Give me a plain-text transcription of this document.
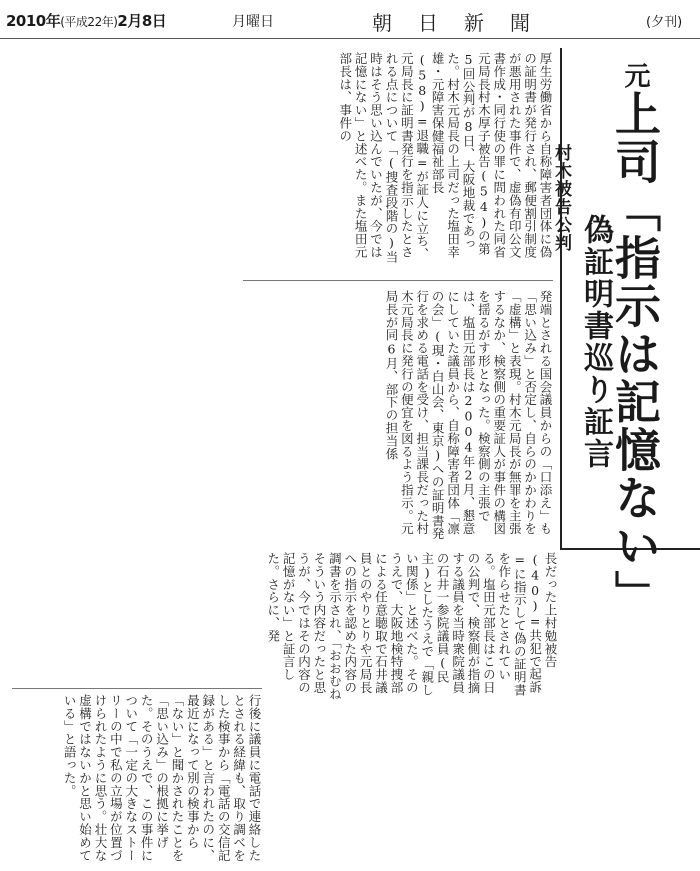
2010年(平成22年)2月8日	月曜日	朝日新聞	(夕刊)
元上司「指示は記憶ない」
村木被告公判
偽証明書巡り証言
厚生労働省から自称障害者団体に偽の証明書が発行され、郵便割引制度が悪用された事件で、虚偽有印公文書作成・同行使の罪に問われた同省元局長村木厚子被告(54)の第5回公判が8日、大阪地裁であった。村木元局長の上司だった塩田幸雄・元障害保健福祉部長(58)=退職=が証人に立ち、元局長に証明書発行を指示したとされる点について「(捜査段階の)当時はそう思い込んでいたが、今では記憶にない」と述べた。また塩田元部長は、事件の
発端とされる国会議員からの「口添え」も「思い込み」と否定し、自らのかかわりを「虚構」と表現。村木元局長が無罪を主張するなか、検察側の重要証人が事件の構図を揺るがす形となった。検察側の主張では、塩田元部長は2004年2月、懇意にしていた議員から、自称障害者団体「凛の会」(現・白山会、東京)への証明書発行を求める電話を受け、担当課長だった村木元局長に発行の便宜を図るよう指示。元局長が同6月、部下の担当係
長だった上村勉被告(40)=共犯で起訴=に指示して偽の証明書を作らせたとされている。塩田元部長はこの日の公判で、検察側が指摘する議員を当時衆院議員の石井一参院議員(民主)としたうえで「親しい関係」と述べた。そのうえで、大阪地検特捜部による任意聴取で石井議員とのやりとりや元局長への指示を認めた内容の調書を示され、「おおむねそういう内容だったと思うが、今ではその内容の記憶がない」と証言した。さらに、発
行後に議員に電話で連絡したとされる経緯も、取り調べをした検事から「電話の交信記録がある」と言われたのに、最近になって別の検事から「ない」と聞かされたことを「思い込み」の根拠に挙げた。そのうえで、この事件について「一定の大きなストーリーの中で私の立場が位置づけられたように思う。壮大な虚構ではないかと思い始めている」と語った。
